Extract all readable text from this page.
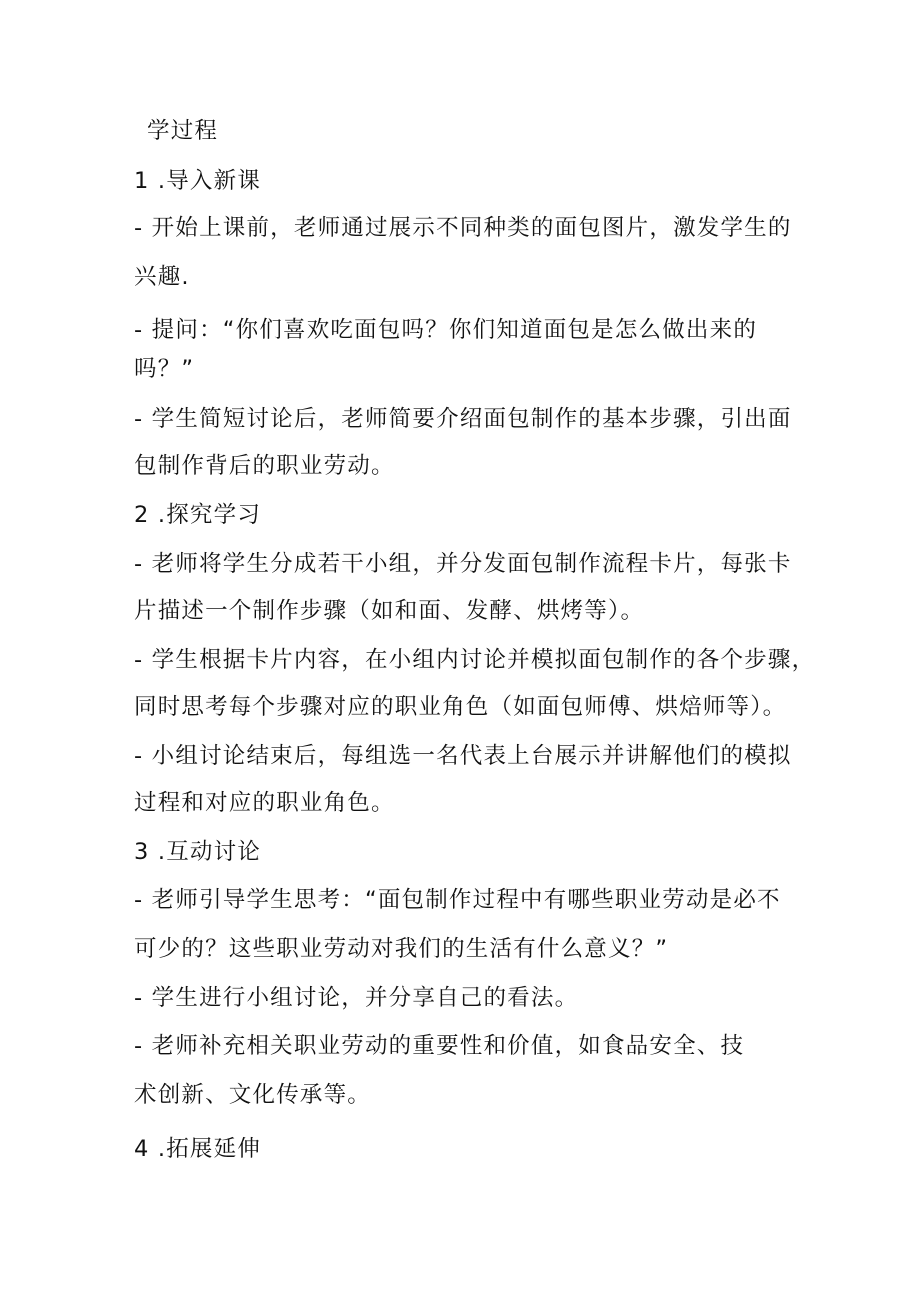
学过程
1 .导入新课
- 开始上课前，老师通过展示不同种类的面包图片，激发学生的
兴趣.
- 提问：“你们喜欢吃面包吗？你们知道面包是怎么做出来的
吗？”
- 学生简短讨论后，老师简要介绍面包制作的基本步骤，引出面
包制作背后的职业劳动。
2 .探究学习
- 老师将学生分成若干小组，并分发面包制作流程卡片，每张卡
片描述一个制作步骤（如和面、发酵、烘烤等）。
- 学生根据卡片内容，在小组内讨论并模拟面包制作的各个步骤，
同时思考每个步骤对应的职业角色（如面包师傅、烘焙师等）。
- 小组讨论结束后，每组选一名代表上台展示并讲解他们的模拟
过程和对应的职业角色。
3 .互动讨论
- 老师引导学生思考：“面包制作过程中有哪些职业劳动是必不
可少的？这些职业劳动对我们的生活有什么意义？”
- 学生进行小组讨论，并分享自己的看法。
- 老师补充相关职业劳动的重要性和价值，如食品安全、技
术创新、文化传承等。
4 .拓展延伸
